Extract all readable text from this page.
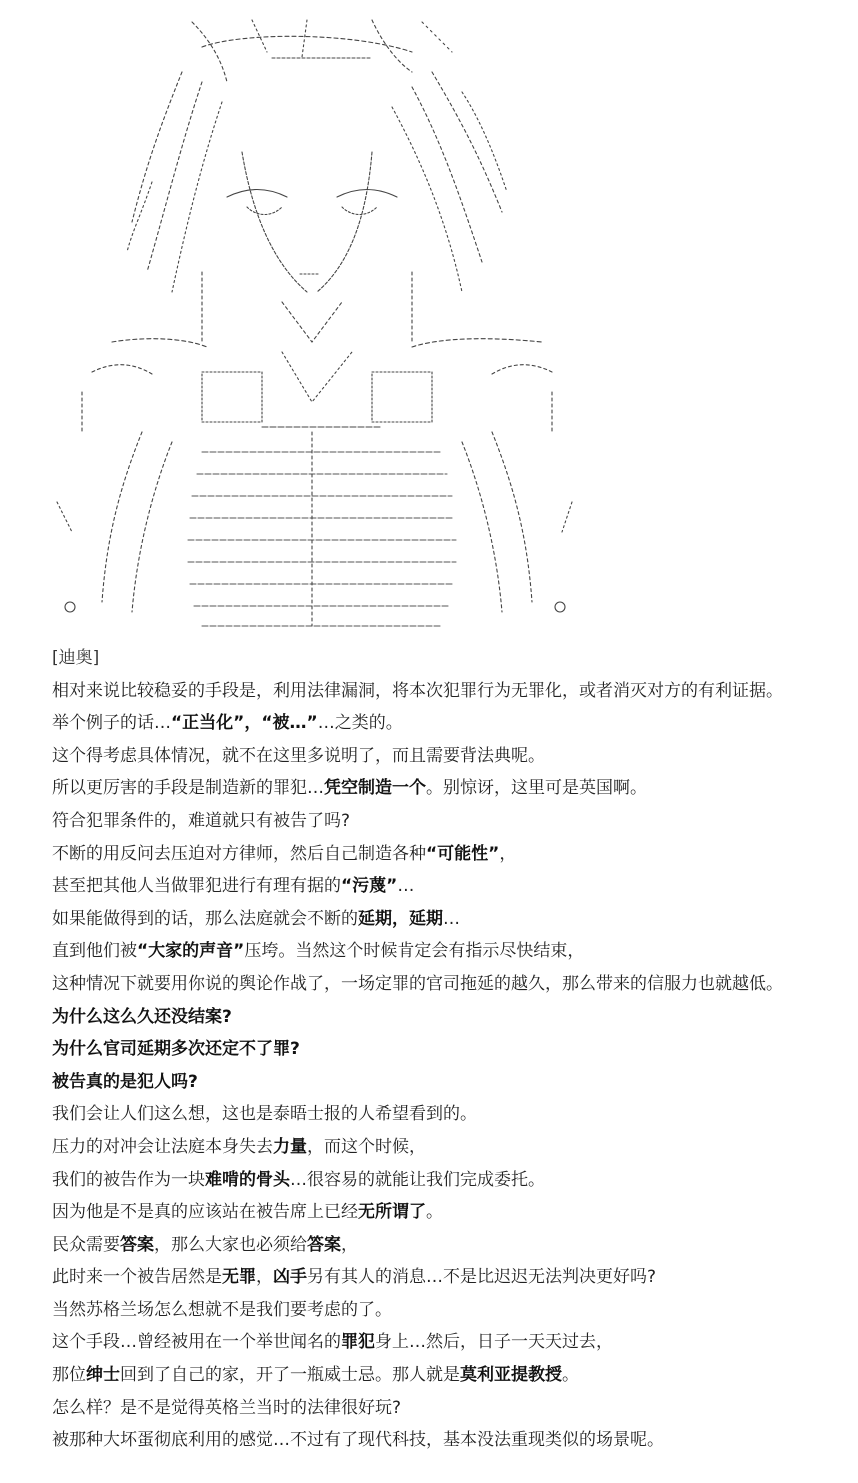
[迪奥]
相对来说比较稳妥的手段是，利用法律漏洞，将本次犯罪行为无罪化，或者消灭对方的有利证据。
举个例子的话…“正当化”，“被…”…之类的。
这个得考虑具体情况，就不在这里多说明了，而且需要背法典呢。
所以更厉害的手段是制造新的罪犯…凭空制造一个。别惊讶，这里可是英国啊。
符合犯罪条件的，难道就只有被告了吗?
不断的用反问去压迫对方律师，然后自己制造各种“可能性”，
甚至把其他人当做罪犯进行有理有据的“污蔑”…
如果能做得到的话，那么法庭就会不断的延期，延期…
直到他们被“大家的声音”压垮。当然这个时候肯定会有指示尽快结束，
这种情况下就要用你说的舆论作战了，一场定罪的官司拖延的越久，那么带来的信服力也就越低。
为什么这么久还没结案?
为什么官司延期多次还定不了罪?
被告真的是犯人吗?
我们会让人们这么想，这也是泰晤士报的人希望看到的。
压力的对冲会让法庭本身失去力量，而这个时候，
我们的被告作为一块难啃的骨头…很容易的就能让我们完成委托。
因为他是不是真的应该站在被告席上已经无所谓了。
民众需要答案，那么大家也必须给答案，
此时来一个被告居然是无罪，凶手另有其人的消息…不是比迟迟无法判决更好吗?
当然苏格兰场怎么想就不是我们要考虑的了。
这个手段…曾经被用在一个举世闻名的罪犯身上…然后，日子一天天过去，
那位绅士回到了自己的家，开了一瓶威士忌。那人就是莫利亚提教授。
怎么样？是不是觉得英格兰当时的法律很好玩?
被那种大坏蛋彻底利用的感觉…不过有了现代科技，基本没法重现类似的场景呢。
